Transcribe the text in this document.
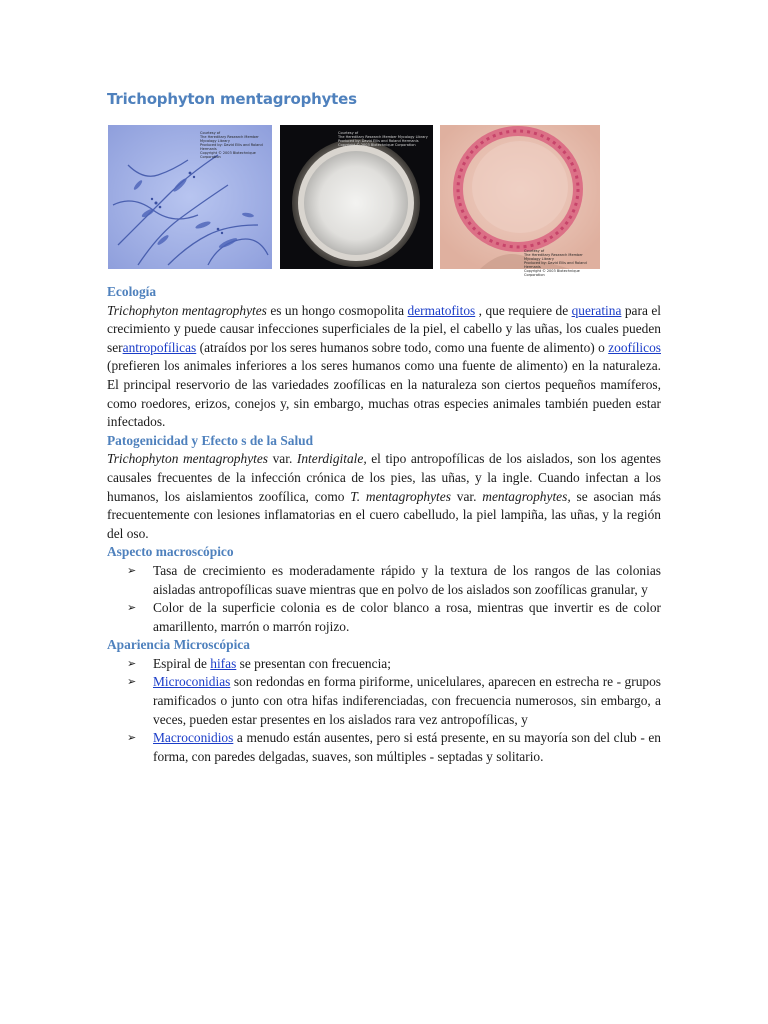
Trichophyton mentagrophytes
Courtesy of
The Hereditary Research Member Mycology Library
Produced by: David Ellis and Roland Hermanis
Copyright © 2003 Biotechnique Corporation
Courtesy of
The Hereditary Research Member Mycology Library
Produced by: David Ellis and Roland Hermanis
Copyright © 2003 Biotechnique Corporation
Courtesy of
The Hereditary Research Member Mycology Library
Produced by: David Ellis and Roland Hermanis
Copyright © 2003 Biotechnique Corporation
Ecología

Trichophyton mentagrophytes es un hongo cosmopolita dermatofitos , que requiere de queratina para el crecimiento y puede causar infecciones superficiales de la piel, el cabello y las uñas, los cuales pueden serantropofílicas (atraídos por los seres humanos sobre todo, como una fuente de alimento) o zoofílicos (prefieren los animales inferiores a los seres humanos como una fuente de alimento) en la naturaleza. El principal reservorio de las variedades zoofílicas en la naturaleza son ciertos pequeños mamíferos, como roedores, erizos, conejos y, sin embargo, muchas otras especies animales también pueden estar infectados.

Patogenicidad y Efecto s de la Salud

Trichophyton mentagrophytes var. Interdigitale, el tipo antropofílicas de los aislados, son los agentes causales frecuentes de la infección crónica de los pies, las uñas, y la ingle. Cuando infectan a los humanos, los aislamientos zoofílica, como T. mentagrophytes var. mentagrophytes, se asocian más frecuentemente con lesiones inflamatorias en el cuero cabelludo, la piel lampiña, las uñas, y la región del oso.

Aspecto macroscópico
➢ Tasa de crecimiento es moderadamente rápido y la textura de los rangos de las colonias aisladas antropofílicas suave mientras que en polvo de los aislados son zoofílicas granular, y
➢ Color de la superficie colonia es de color blanco a rosa, mientras que invertir es de color amarillento, marrón o marrón rojizo.
Apariencia Microscópica
➢ Espiral de hifas se presentan con frecuencia;
➢ Microconidias son redondas en forma piriforme, unicelulares, aparecen en estrecha re - grupos ramificados o junto con otra hifas indiferenciadas, con frecuencia numerosos, sin embargo, a veces, pueden estar presentes en los aislados rara vez antropofílicas, y
➢ Macroconidios a menudo están ausentes, pero si está presente, en su mayoría son del club - en forma, con paredes delgadas, suaves, son múltiples - septadas y solitario.
